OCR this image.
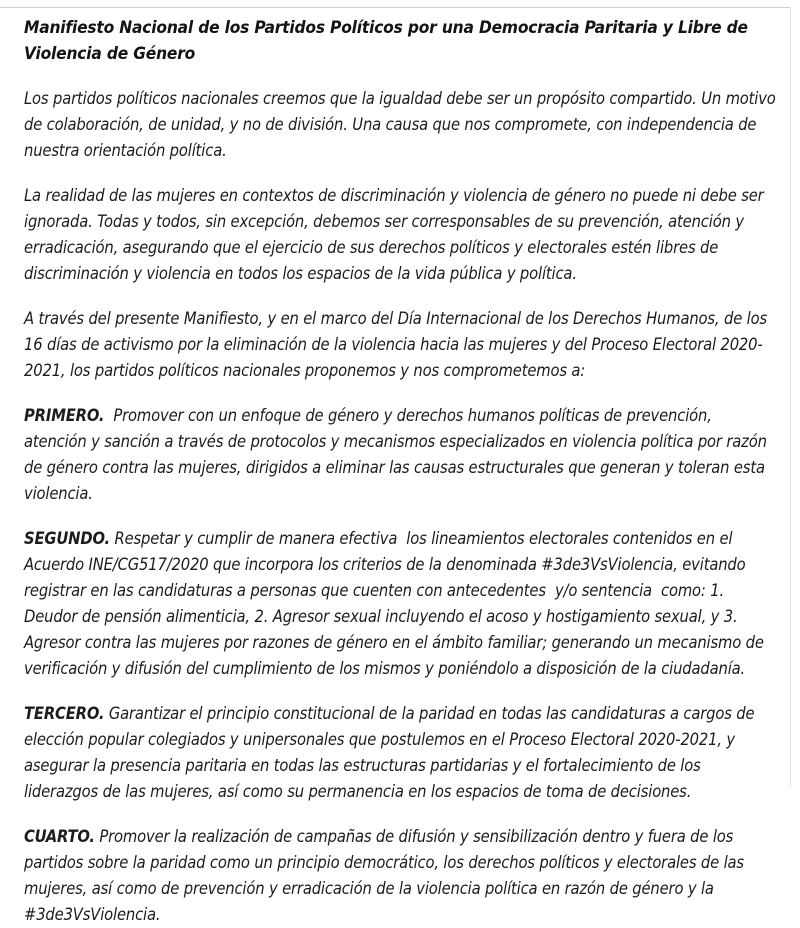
Manifiesto Nacional de los Partidos Políticos por una Democracia Paritaria y Libre de Violencia de Género

Los partidos políticos nacionales creemos que la igualdad debe ser un propósito compartido. Un motivo de colaboración, de unidad, y no de división. Una causa que nos compromete, con independencia de nuestra orientación política.

La realidad de las mujeres en contextos de discriminación y violencia de género no puede ni debe ser ignorada. Todas y todos, sin excepción, debemos ser corresponsables de su prevención, atención y erradicación, asegurando que el ejercicio de sus derechos políticos y electorales estén libres de discriminación y violencia en todos los espacios de la vida pública y política.

A través del presente Manifiesto, y en el marco del Día Internacional de los Derechos Humanos, de los 16 días de activismo por la eliminación de la violencia hacia las mujeres y del Proceso Electoral 2020-2021, los partidos políticos nacionales proponemos y nos comprometemos a:

PRIMERO.  Promover con un enfoque de género y derechos humanos políticas de prevención, atención y sanción a través de protocolos y mecanismos especializados en violencia política por razón de género contra las mujeres, dirigidos a eliminar las causas estructurales que generan y toleran esta violencia.

SEGUNDO. Respetar y cumplir de manera efectiva  los lineamientos electorales contenidos en el Acuerdo INE/CG517/2020 que incorpora los criterios de la denominada #3de3VsViolencia, evitando registrar en las candidaturas a personas que cuenten con antecedentes  y/o sentencia  como: 1. Deudor de pensión alimenticia, 2. Agresor sexual incluyendo el acoso y hostigamiento sexual, y 3. Agresor contra las mujeres por razones de género en el ámbito familiar; generando un mecanismo de verificación y difusión del cumplimiento de los mismos y poniéndolo a disposición de la ciudadanía.

TERCERO. Garantizar el principio constitucional de la paridad en todas las candidaturas a cargos de elección popular colegiados y unipersonales que postulemos en el Proceso Electoral 2020-2021, y asegurar la presencia paritaria en todas las estructuras partidarias y el fortalecimiento de los liderazgos de las mujeres, así como su permanencia en los espacios de toma de decisiones.

CUARTO. Promover la realización de campañas de difusión y sensibilización dentro y fuera de los partidos sobre la paridad como un principio democrático, los derechos políticos y electorales de las mujeres, así como de prevención y erradicación de la violencia política en razón de género y la #3de3VsViolencia.
